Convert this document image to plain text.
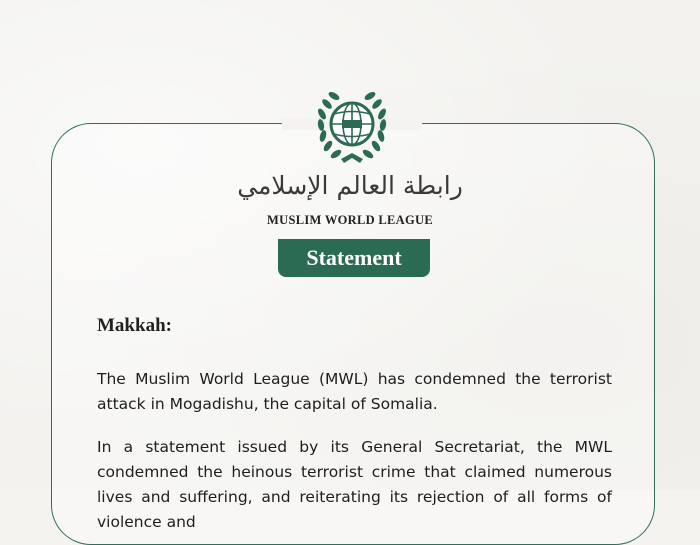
رابطة العالم الإسلامي
MUSLIM WORLD LEAGUE
Statement
Makkah:
The Muslim World League (MWL) has condemned the terrorist attack in Mogadishu, the capital of Somalia.
In a statement issued by its General Secretariat, the MWL condemned the heinous terrorist crime that claimed numerous lives and suffering, and reiterating its rejection of all forms of violence and
